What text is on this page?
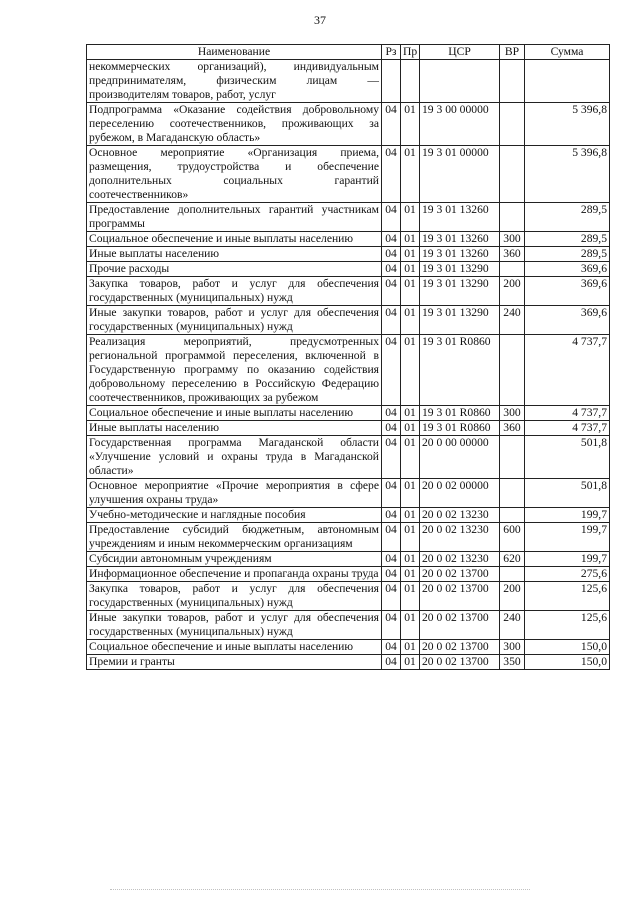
37
Наименование	Рз	Пр	ЦСР	ВР	Сумма
некоммерческих организаций), индивидуальным предпринимателям, физическим лицам — производителям товаров, работ, услуг					
Подпрограмма «Оказание содействия добровольному переселению соотечественников, проживающих за рубежом, в Магаданскую область»	04	01	19 3 00 00000		5 396,8
Основное мероприятие «Организация приема, размещения, трудоустройства и обеспечение дополнительных социальных гарантий соотечественников»	04	01	19 3 01 00000		5 396,8
Предоставление дополнительных гарантий участникам программы	04	01	19 3 01 13260		289,5
Социальное обеспечение и иные выплаты населению	04	01	19 3 01 13260	300	289,5
Иные выплаты населению	04	01	19 3 01 13260	360	289,5
Прочие расходы	04	01	19 3 01 13290		369,6
Закупка товаров, работ и услуг для обеспечения государственных (муниципальных) нужд	04	01	19 3 01 13290	200	369,6
Иные закупки товаров, работ и услуг для обеспечения государственных (муниципальных) нужд	04	01	19 3 01 13290	240	369,6
Реализация мероприятий, предусмотренных региональной программой переселения, включенной в Государственную программу по оказанию содействия добровольному переселению в Российскую Федерацию соотечественников, проживающих за рубежом	04	01	19 3 01 R0860		4 737,7
Социальное обеспечение и иные выплаты населению	04	01	19 3 01 R0860	300	4 737,7
Иные выплаты населению	04	01	19 3 01 R0860	360	4 737,7
Государственная программа Магаданской области «Улучшение условий и охраны труда в Магаданской области»	04	01	20 0 00 00000		501,8
Основное мероприятие «Прочие мероприятия в сфере улучшения охраны труда»	04	01	20 0 02 00000		501,8
Учебно-методические и наглядные пособия	04	01	20 0 02 13230		199,7
Предоставление субсидий бюджетным, автономным учреждениям и иным некоммерческим организациям	04	01	20 0 02 13230	600	199,7
Субсидии автономным учреждениям	04	01	20 0 02 13230	620	199,7
Информационное обеспечение и пропаганда охраны труда	04	01	20 0 02 13700		275,6
Закупка товаров, работ и услуг для обеспечения государственных (муниципальных) нужд	04	01	20 0 02 13700	200	125,6
Иные закупки товаров, работ и услуг для обеспечения государственных (муниципальных) нужд	04	01	20 0 02 13700	240	125,6
Социальное обеспечение и иные выплаты населению	04	01	20 0 02 13700	300	150,0
Премии и гранты	04	01	20 0 02 13700	350	150,0
